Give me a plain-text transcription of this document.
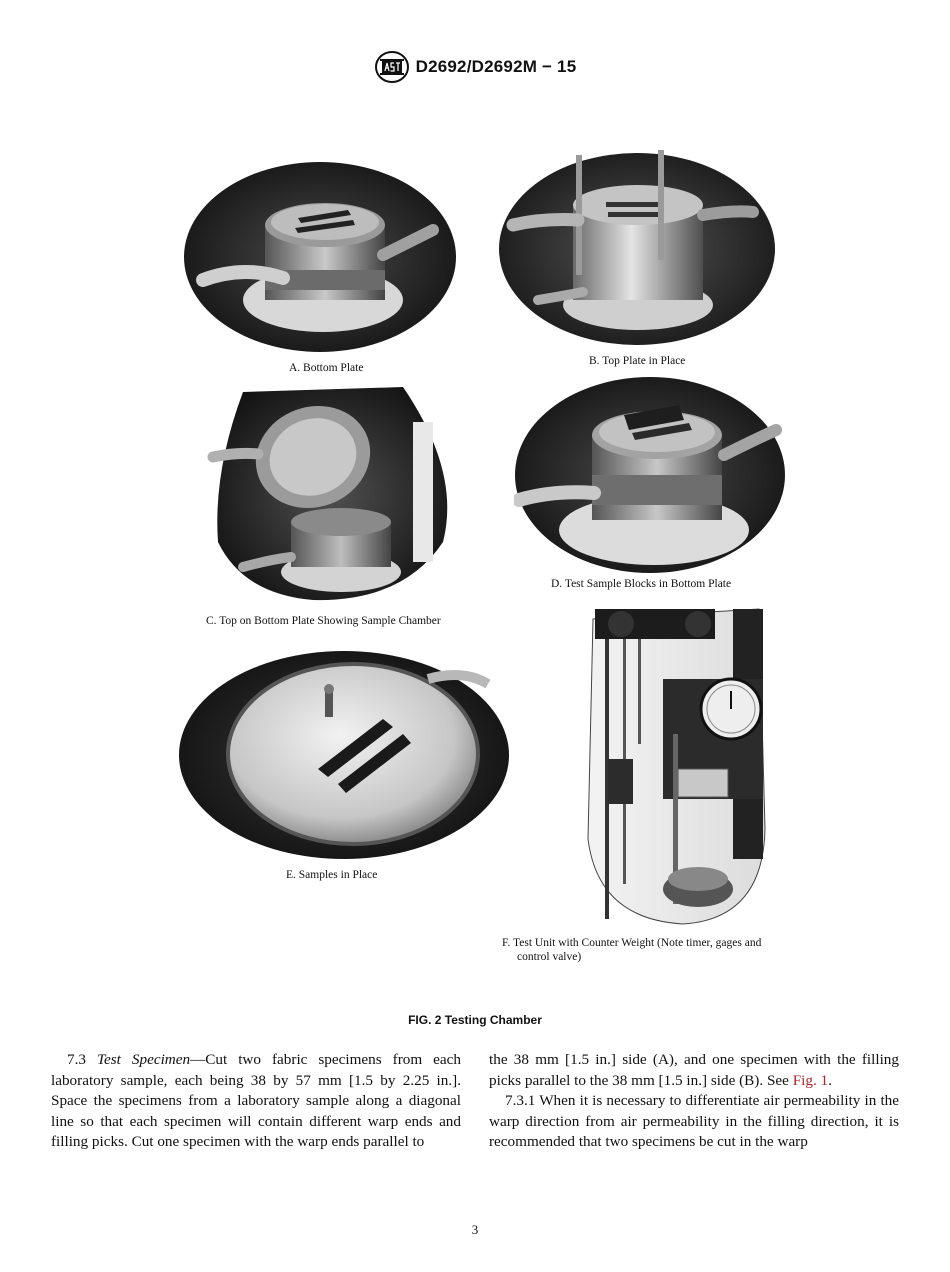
D2692/D2692M − 15
A. Bottom Plate
B. Top Plate in Place
C. Top on Bottom Plate Showing Sample Chamber
D. Test Sample Blocks in Bottom Plate
E. Samples in Place
F. Test Unit with Counter Weight (Note timer, gages and
control valve)
FIG. 2 Testing Chamber

7.3 Test Specimen—Cut two fabric specimens from each laboratory sample, each being 38 by 57 mm [1.5 by 2.25 in.]. Space the specimens from a laboratory sample along a diagonal line so that each specimen will contain different warp ends and filling picks. Cut one specimen with the warp ends parallel to

the 38 mm [1.5 in.] side (A), and one specimen with the filling picks parallel to the 38 mm [1.5 in.] side (B). See Fig. 1.

7.3.1 When it is necessary to differentiate air permeability in the warp direction from air permeability in the filling direction, it is recommended that two specimens be cut in the warp

3
